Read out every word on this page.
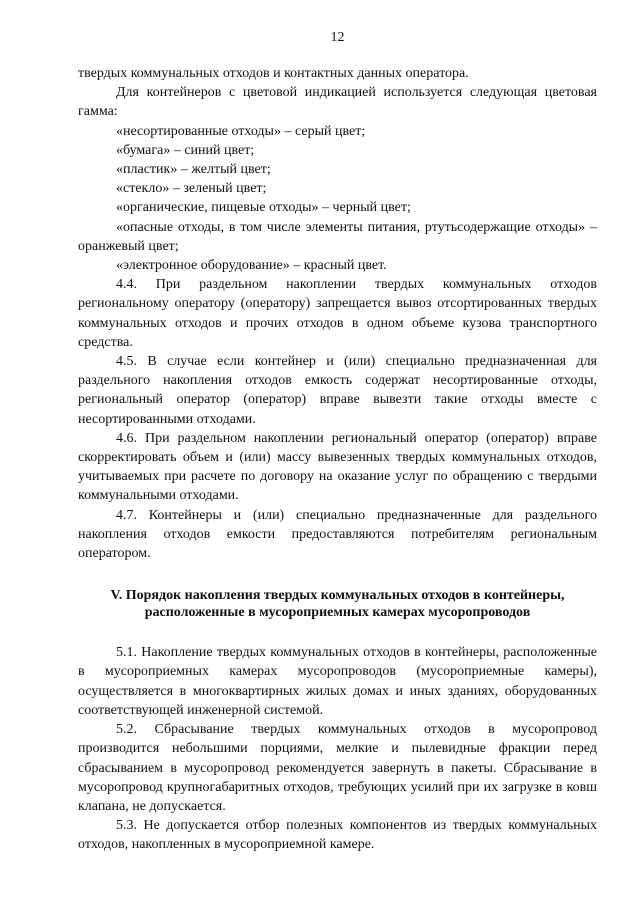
12

твердых коммунальных отходов и контактных данных оператора.

Для контейнеров с цветовой индикацией используется следующая цветовая гамма:

«несортированные отходы» – серый цвет;

«бумага» – синий цвет;

«пластик» – желтый цвет;

«стекло» – зеленый цвет;

«органические, пищевые отходы» – черный цвет;

«опасные отходы, в том числе элементы питания, ртутьсодержащие отходы» – оранжевый цвет;

«электронное оборудование» – красный цвет.

4.4. При раздельном накоплении твердых коммунальных отходов региональному оператору (оператору) запрещается вывоз отсортированных твердых коммунальных отходов и прочих отходов в одном объеме кузова транспортного средства.

4.5. В случае если контейнер и (или) специально предназначенная для раздельного накопления отходов емкость содержат несортированные отходы, региональный оператор (оператор) вправе вывезти такие отходы вместе с несортированными отходами.

4.6. При раздельном накоплении региональный оператор (оператор) вправе скорректировать объем и (или) массу вывезенных твердых коммунальных отходов, учитываемых при расчете по договору на оказание услуг по обращению с твердыми коммунальными отходами.

4.7. Контейнеры и (или) специально предназначенные для раздельного накопления отходов емкости предоставляются потребителям региональным оператором.

V. Порядок накопления твердых коммунальных отходов в контейнеры,
расположенные в мусороприемных камерах мусоропроводов

5.1. Накопление твердых коммунальных отходов в контейнеры, расположенные в мусороприемных камерах мусоропроводов (мусороприемные камеры), осуществляется в многоквартирных жилых домах и иных зданиях, оборудованных соответствующей инженерной системой.

5.2. Сбрасывание твердых коммунальных отходов в мусоропровод производится небольшими порциями, мелкие и пылевидные фракции перед сбрасыванием в мусоропровод рекомендуется завернуть в пакеты. Сбрасывание в мусоропровод крупногабаритных отходов, требующих усилий при их загрузке в ковш клапана, не допускается.

5.3. Не допускается отбор полезных компонентов из твердых коммунальных отходов, накопленных в мусороприемной камере.
